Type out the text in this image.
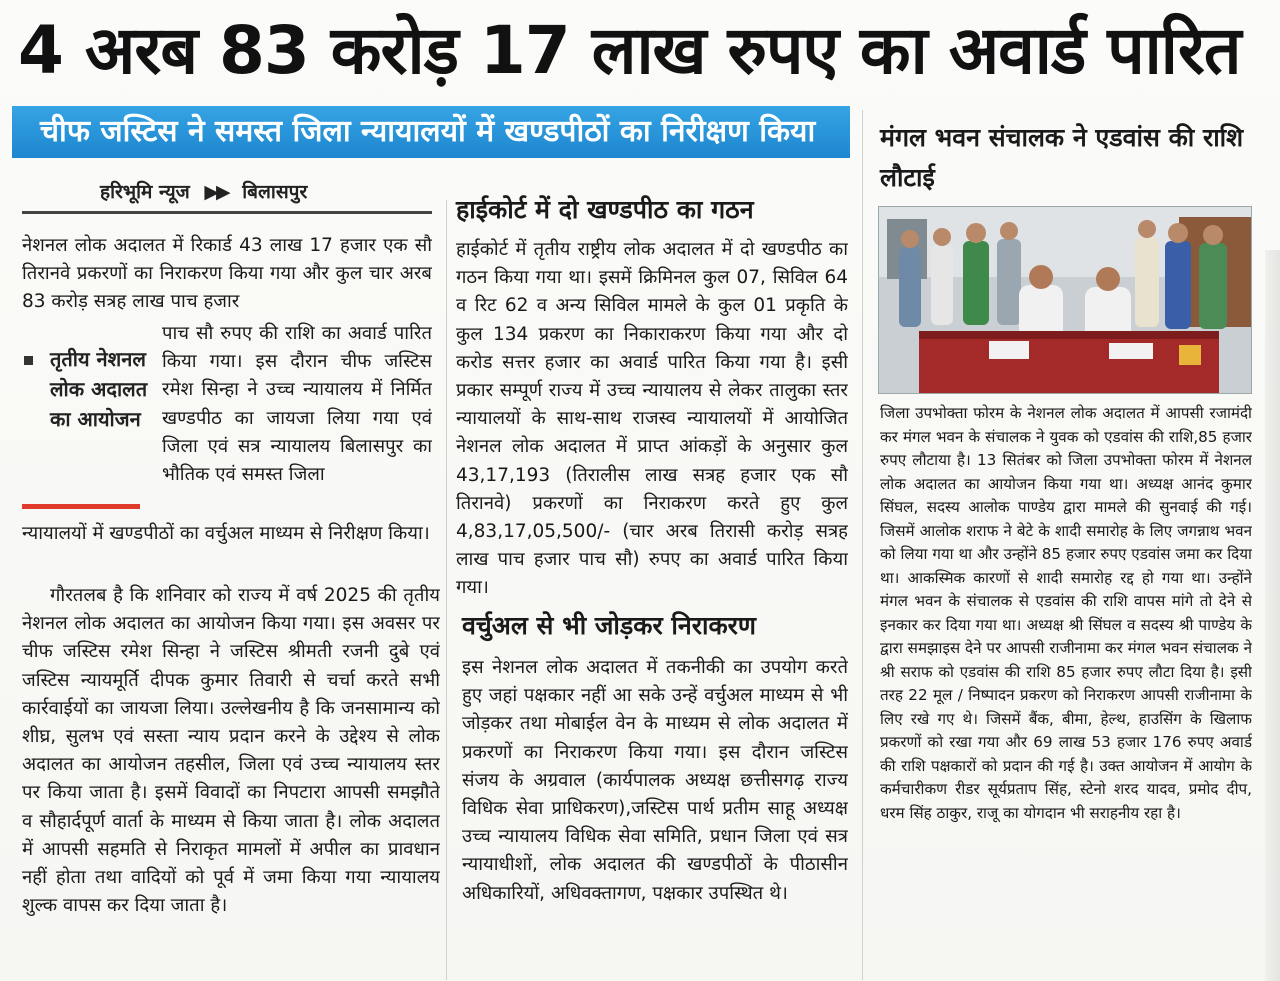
4 अरब 83 करोड़ 17 लाख रुपए का अवार्ड पारित
चीफ जस्टिस ने समस्त जिला न्यायालयों में खण्डपीठों का निरीक्षण किया
हरिभूमि न्यूज ▶▶ बिलासपुर
नेशनल लोक अदालत में रिकार्ड 43 लाख 17 हजार एक सौ तिरानवे प्रकरणों का निराकरण किया गया और कुल चार अरब 83 करोड़ सत्रह लाख पाच हजार
तृतीय नेशनल लोक अदालत का आयोजन
पाच सौ रुपए की राशि का अवार्ड पारित किया गया। इस दौरान चीफ जस्टिस रमेश सिन्हा ने उच्च न्यायालय में निर्मित खण्डपीठ का जायजा लिया गया एवं जिला एवं सत्र न्यायालय बिलासपुर का भौतिक एवं समस्त जिला
न्यायालयों में खण्डपीठों का वर्चुअल माध्यम से निरीक्षण किया।
गौरतलब है कि शनिवार को राज्य में वर्ष 2025 की तृतीय नेशनल लोक अदालत का आयोजन किया गया। इस अवसर पर चीफ जस्टिस रमेश सिन्हा ने जस्टिस श्रीमती रजनी दुबे एवं जस्टिस न्यायमूर्ति दीपक कुमार तिवारी से चर्चा करते सभी कार्रवाईयों का जायजा लिया। उल्लेखनीय है कि जनसामान्य को शीघ्र, सुलभ एवं सस्ता न्याय प्रदान करने के उद्देश्य से लोक अदालत का आयोजन तहसील, जिला एवं उच्च न्यायालय स्तर पर किया जाता है। इसमें विवादों का निपटारा आपसी समझौते व सौहार्दपूर्ण वार्ता के माध्यम से किया जाता है। लोक अदालत में आपसी सहमति से निराकृत मामलों में अपील का प्रावधान नहीं होता तथा वादियों को पूर्व में जमा किया गया न्यायालय शुल्क वापस कर दिया जाता है।
हाईकोर्ट में दो खण्डपीठ का गठन
हाईकोर्ट में तृतीय राष्ट्रीय लोक अदालत में दो खण्डपीठ का गठन किया गया था। इसमें क्रिमिनल कुल 07, सिविल 64 व रिट 62 व अन्य सिविल मामले के कुल 01 प्रकृति के कुल 134 प्रकरण का निकाराकरण किया गया और दो करोड सत्तर हजार का अवार्ड पारित किया गया है। इसी प्रकार सम्पूर्ण राज्य में उच्च न्यायालय से लेकर तालुका स्तर न्यायालयों के साथ-साथ राजस्व न्यायालयों में आयोजित नेशनल लोक अदालत में प्राप्त आंकड़ों के अनुसार कुल 43,17,193 (तिरालीस लाख सत्रह हजार एक सौ तिरानवे) प्रकरणों का निराकरण करते हुए कुल 4,83,17,05,500/- (चार अरब तिरासी करोड़ सत्रह लाख पाच हजार पाच सौ) रुपए का अवार्ड पारित किया गया।
वर्चुअल से भी जोड़कर निराकरण
इस नेशनल लोक अदालत में तकनीकी का उपयोग करते हुए जहां पक्षकार नहीं आ सके उन्हें वर्चुअल माध्यम से भी जोड़कर तथा मोबाईल वेन के माध्यम से लोक अदालत में प्रकरणों का निराकरण किया गया। इस दौरान जस्टिस संजय के अग्रवाल (कार्यपालक अध्यक्ष छत्तीसगढ़ राज्य विधिक सेवा प्राधिकरण),जस्टिस पार्थ प्रतीम साहू अध्यक्ष उच्च न्यायालय विधिक सेवा समिति, प्रधान जिला एवं सत्र न्यायाधीशों, लोक अदालत की खण्डपीठों के पीठासीन अधिकारियों, अधिवक्तागण, पक्षकार उपस्थित थे।
मंगल भवन संचालक ने एडवांस की राशि लौटाई
जिला उपभोक्ता फोरम के नेशनल लोक अदालत में आपसी रजामंदी कर मंगल भवन के संचालक ने युवक को एडवांस की राशि,85 हजार रुपए लौटाया है। 13 सितंबर को जिला उपभोक्ता फोरम में नेशनल लोक अदालत का आयोजन किया गया था। अध्यक्ष आनंद कुमार सिंघल, सदस्य आलोक पाण्डेय द्वारा मामले की सुनवाई की गई। जिसमें आलोक शराफ ने बेटे के शादी समारोह के लिए जगन्नाथ भवन को लिया गया था और उन्होंने 85 हजार रुपए एडवांस जमा कर दिया था। आकस्मिक कारणों से शादी समारोह रद्द हो गया था। उन्होंने मंगल भवन के संचालक से एडवांस की राशि वापस मांगे तो देने से इनकार कर दिया गया था। अध्यक्ष श्री सिंघल व सदस्य श्री पाण्डेय के द्वारा समझाइस देने पर आपसी राजीनामा कर मंगल भवन संचालक ने श्री सराफ को एडवांस की राशि 85 हजार रुपए लौटा दिया है। इसी तरह 22 मूल / निष्पादन प्रकरण को निराकरण आपसी राजीनामा के लिए रखे गए थे। जिसमें बैंक, बीमा, हेल्थ, हाउसिंग के खिलाफ प्रकरणों को रखा गया और 69 लाख 53 हजार 176 रुपए अवार्ड की राशि पक्षकारों को प्रदान की गई है। उक्त आयोजन में आयोग के कर्मचारीकण रीडर सूर्यप्रताप सिंह, स्टेनो शरद यादव, प्रमोद दीप, धरम सिंह ठाकुर, राजू का योगदान भी सराहनीय रहा है।
